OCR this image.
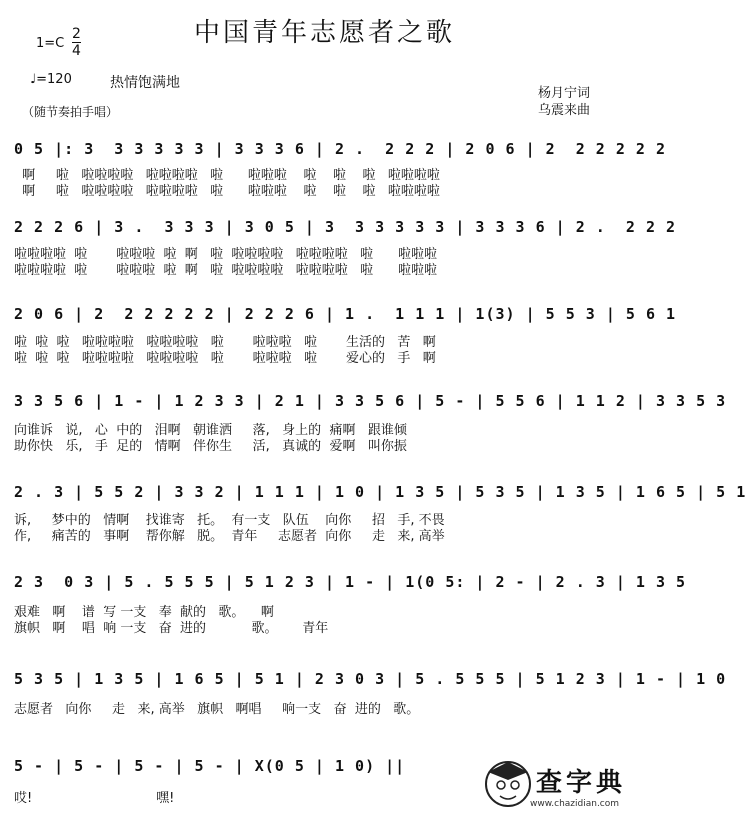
中国青年志愿者之歌
1=C
2
4
♩=120	热情饱满地
（随节奏拍手唱）
杨月宁词
乌震来曲
0 5 |: 3  3 3 3 3 3 | 3 3 3 6 | 2 .  2 2 2 | 2 0 6 | 2  2 2 2 2 2
啊     啦   啦啦啦啦   啦啦啦啦   啦      啦啦啦    啦    啦    啦   啦啦啦啦
啊     啦   啦啦啦啦   啦啦啦啦   啦      啦啦啦    啦    啦    啦   啦啦啦啦
2 2 2 6 | 3 .  3 3 3 | 3 0 5 | 3  3 3 3 3 3 | 3 3 3 6 | 2 .  2 2 2
啦啦啦啦  啦       啦啦啦  啦  啊   啦  啦啦啦啦   啦啦啦啦   啦      啦啦啦
啦啦啦啦  啦       啦啦啦  啦  啊   啦  啦啦啦啦   啦啦啦啦   啦      啦啦啦
2 0 6 | 2  2 2 2 2 2 | 2 2 2 6 | 1 .  1 1 1 | 1(3) | 5 5 3 | 5 6 1
啦  啦  啦   啦啦啦啦   啦啦啦啦   啦       啦啦啦   啦       生活的   苦   啊
啦  啦  啦   啦啦啦啦   啦啦啦啦   啦       啦啦啦   啦       爱心的   手   啊
3 3 5 6 | 1 - | 1 2 3 3 | 2 1 | 3 3 5 6 | 5 - | 5 5 6 | 1 1 2 | 3 3 5 3
向谁诉   说,   心  中的   泪啊   朝谁洒     落,   身上的  痛啊   跟谁倾
助你快   乐,   手  足的   情啊   伴你生     活,   真诚的  爱啊   叫你振
2 . 3 | 5 5 2 | 3 3 2 | 1 1 1 | 1 0 | 1 3 5 | 5 3 5 | 1 3 5 | 1 6 5 | 5 1
诉,     梦中的   情啊    找谁寄   托。  有一支   队伍    向你     招   手, 不畏
作,     痛苦的   事啊    帮你解   脱。  青年     志愿者  向你     走   来, 高举
2 3  0 3 | 5 . 5 5 5 | 5 1 2 3 | 1 - | 1(0 5: | 2 - | 2 . 3 | 1 3 5
艰难   啊    谱  写 一支   奉  献的   歌。    啊
旗帜   啊    唱  响 一支   奋  进的           歌。      青年
5 3 5 | 1 3 5 | 1 6 5 | 5 1 | 2 3 0 3 | 5 . 5 5 5 | 5 1 2 3 | 1 - | 1 0
志愿者   向你     走   来, 高举   旗帜   啊唱     响一支   奋  进的   歌。
5 - | 5 - | 5 - | 5 - | X(0 5 | 1 0) ||
哎!                              嘿!
查字典
www.chazidian.com
